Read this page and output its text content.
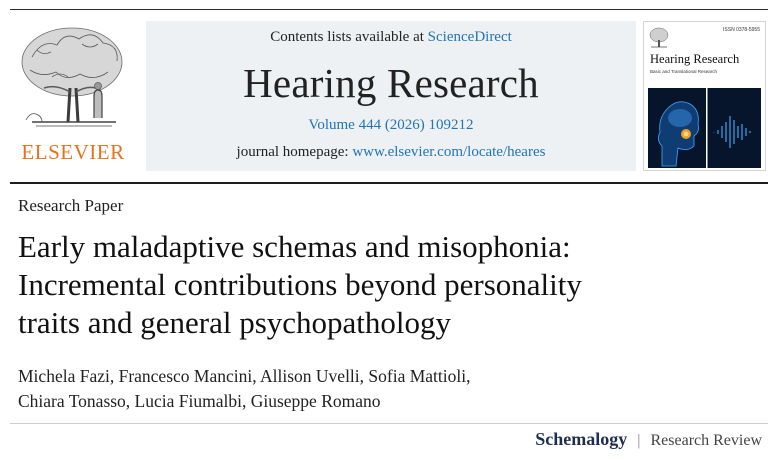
ELSEVIER
Contents lists available at ScienceDirect
Hearing Research
Volume 444 (2026) 109212
journal homepage: www.elsevier.com/locate/heares
ISSN 0378-5955
Hearing Research
Basic and Translational Research
Research Paper
Early maladaptive schemas and misophonia:
Incremental contributions beyond personality
traits and general psychopathology
Michela Fazi, Francesco Mancini, Allison Uvelli, Sofia Mattioli,
Chiara Tonasso, Lucia Fiumalbi, Giuseppe Romano
Schemalogy | Research Review
